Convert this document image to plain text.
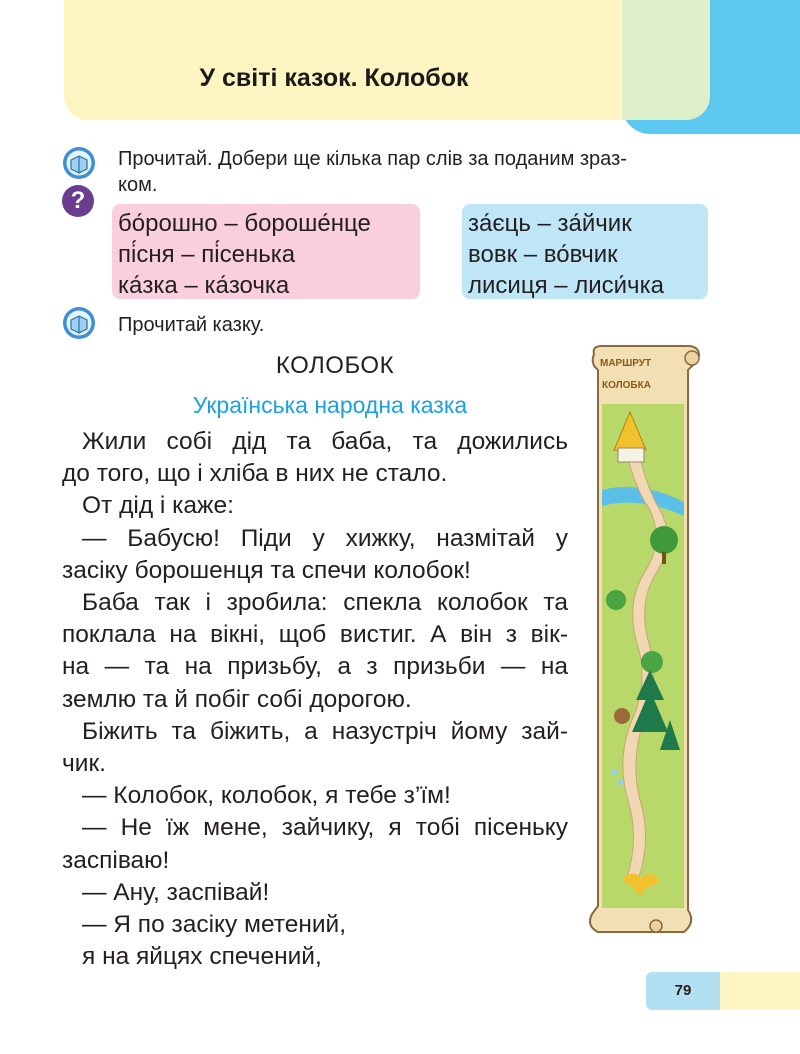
У світі казок. Колобок
?
Прочитай. Добери ще кілька пар слів за поданим зраз-
ком.
бо́рошно – бороше́нце
пі́сня – пі́сенька
ка́зка – ка́зочка
за́єць – за́йчик
вовк – во́вчик
лисиця – лиси́чка
Прочитай казку.
КОЛОБОК
Українська народна казка

Жили собі дід та баба, та дожились

до того, що і хліба в них не стало.

От дід і каже:

— Бабусю! Піди у хижку, назмітай у

засіку борошенця та спечи колобок!

Баба так і зробила: спекла колобок та

поклала на вікні, щоб вистиг. А він з вік-

на — та на призьбу, а з призьби — на

землю та й побіг собі дорогою.

Біжить та біжить, а назустріч йому зай-

чик.

— Колобок, колобок, я тебе з’їм!

— Не їж мене, зайчику, я тобі пісеньку

заспіваю!

— Ану, заспівай!

— Я по засіку метений,

я на яйцях спечений,

МАРШРУТ
КОЛОБКА
79
